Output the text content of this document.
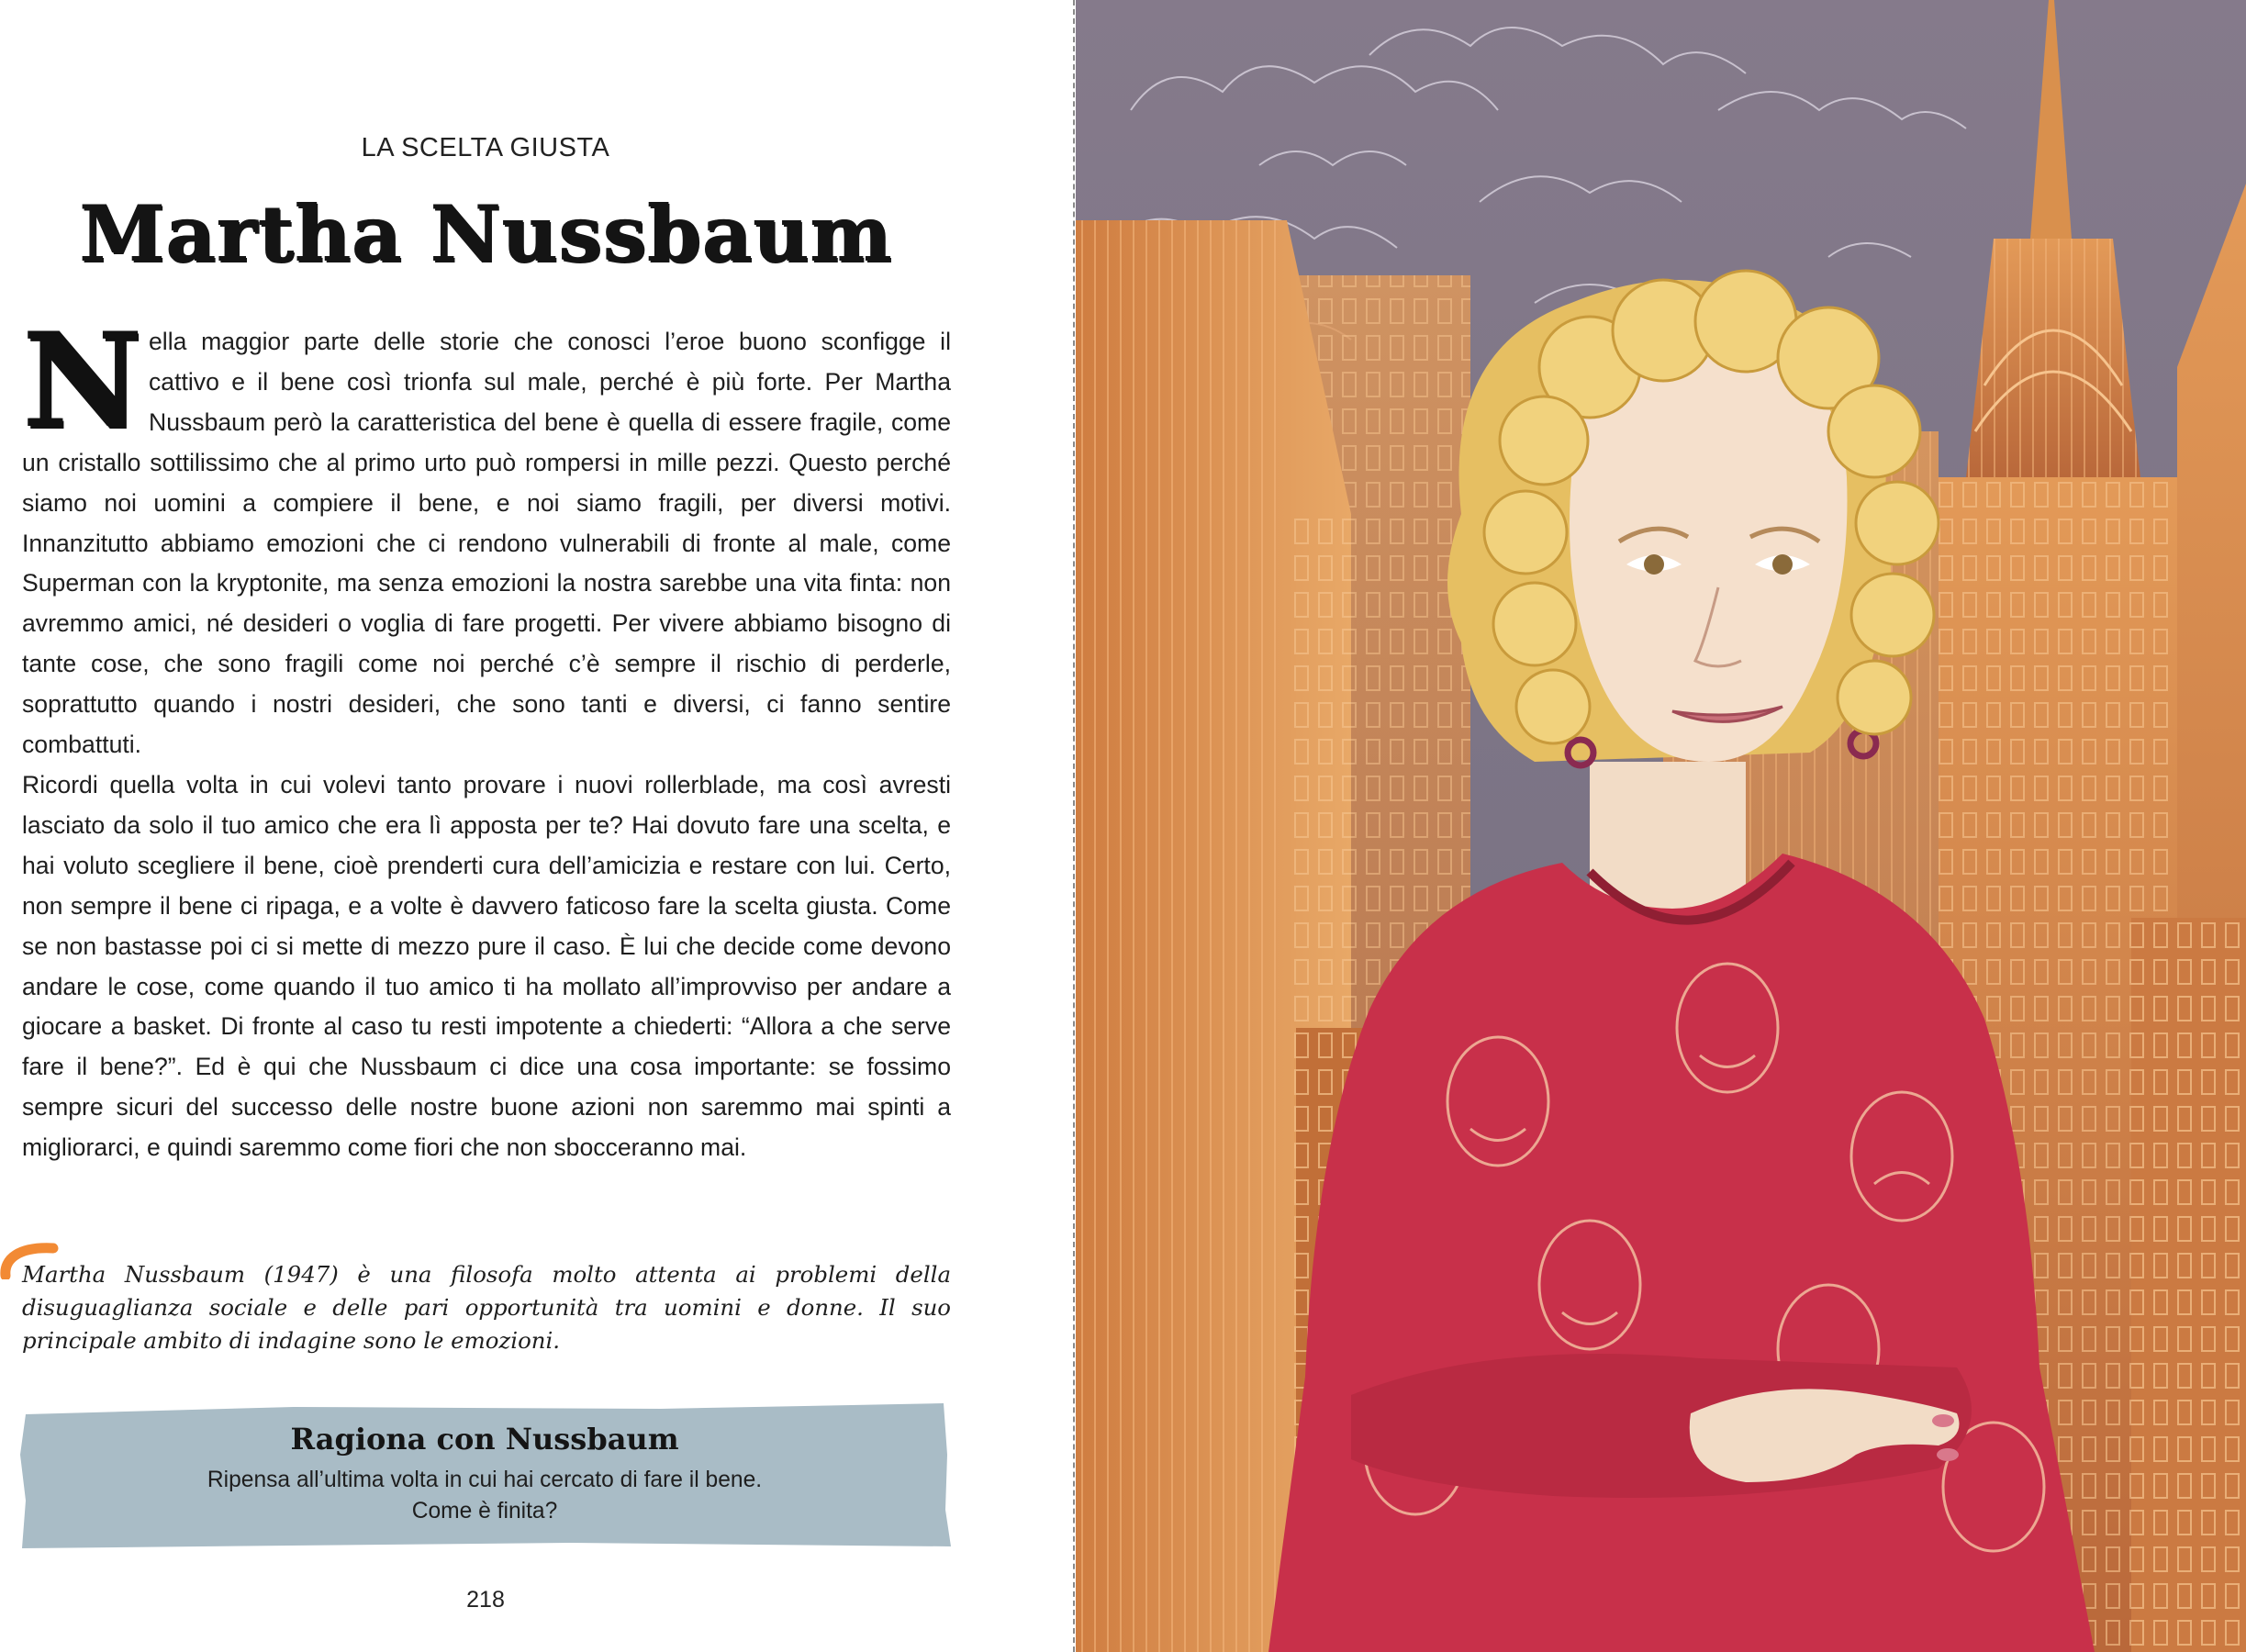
LA SCELTA GIUSTA
Martha Nussbaum

Nella maggior parte delle storie che conosci l’eroe buono sconfigge il cattivo e il bene così trionfa sul male, perché è più forte. Per Martha Nussbaum però la caratteristica del bene è quella di essere fragile, come un cristallo sottilissimo che al primo urto può rompersi in mille pezzi. Questo perché siamo noi uomini a compiere il bene, e noi siamo fragili, per diversi motivi. Innanzitutto abbiamo emozioni che ci rendono vulnerabili di fronte al male, come Superman con la kryptonite, ma senza emozioni la nostra sarebbe una vita finta: non avremmo amici, né desideri o voglia di fare progetti. Per vivere abbiamo bisogno di tante cose, che sono fragili come noi perché c’è sempre il rischio di perderle, soprattutto quando i nostri desideri, che sono tanti e diversi, ci fanno sentire combattuti.

Ricordi quella volta in cui volevi tanto provare i nuovi rollerblade, ma così avresti lasciato da solo il tuo amico che era lì apposta per te? Hai dovuto fare una scelta, e hai voluto scegliere il bene, cioè prenderti cura dell’amicizia e restare con lui. Certo, non sempre il bene ci ripaga, e a volte è davvero faticoso fare la scelta giusta. Come se non bastasse poi ci si mette di mezzo pure il caso. È lui che decide come devono andare le cose, come quando il tuo amico ti ha mollato all’improvviso per andare a giocare a basket. Di fronte al caso tu resti impotente a chiederti: “Allora a che serve fare il bene?”. Ed è qui che Nussbaum ci dice una cosa importante: se fossimo sempre sicuri del successo delle nostre buone azioni non saremmo mai spinti a migliorarci, e quindi saremmo come fiori che non sbocceranno mai.

Martha Nussbaum (1947) è una filosofa molto attenta ai problemi della disuguaglianza sociale e delle pari opportunità tra uomini e donne. Il suo principale ambito di indagine sono le emozioni.
Ragiona con Nussbaum
Ripensa all’ultima volta in cui hai cercato di fare il bene.
Come è finita?
218
